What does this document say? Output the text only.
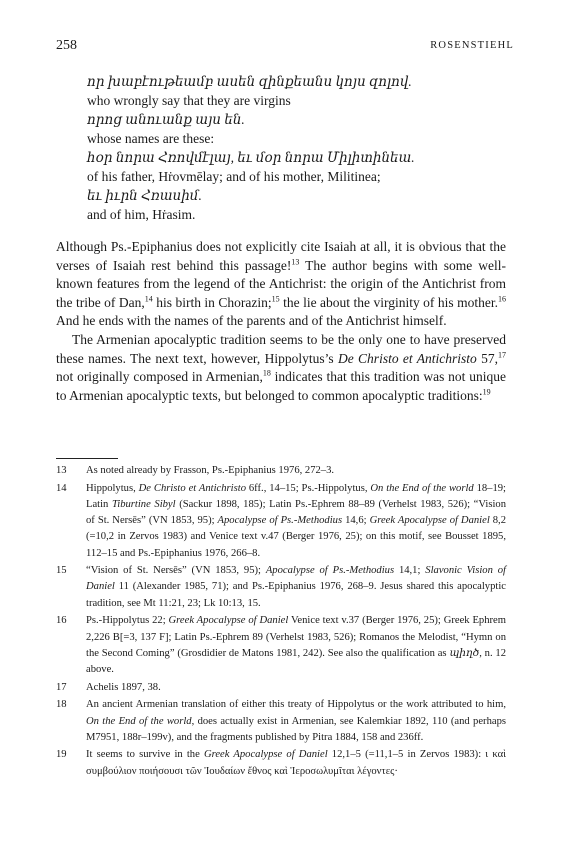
258	ROSENSTIEHL
որ խաբէութեամբ ասեն զինքեանս կոյս զոլով.
who wrongly say that they are virgins
որոց անուանք այս են.
whose names are these:
հօր նորա Հռովմէլայ, եւ մօր նորա Միլիտինեա.
of his father, Hṙovmēlay; and of his mother, Militinea;
եւ իւրն Հռասիմ.
and of him, Hṙasim.

Although Ps.-Epiphanius does not explicitly cite Isaiah at all, it is obvious that the verses of Isaiah rest behind this passage!$^{13}$ The author begins with some well-known features from the legend of the Antichrist: the origin of the Antichrist from the tribe of Dan,$^{14}$ his birth in Chorazin;$^{15}$ the lie about the virginity of his mother.$^{16}$ And he ends with the names of the parents and of the Antichrist himself.

The Armenian apocalyptic tradition seems to be the only one to have preserved these names. The next text, however, Hippolytus’s De Christo et Antichristo 57,17 not originally composed in Armenian,$^{18}$ indicates that this tradition was not unique to Armenian apocalyptic texts, but belonged to common apocalyptic traditions:$^{19}$

13	As noted already by Frasson, Ps.-Epiphanius 1976, 272–3.
14	Hippolytus, De Christo et Antichristo 6ff., 14–15; Ps.-Hippolytus, On the End of the world 18–19; Latin Tiburtine Sibyl (Sackur 1898, 185); Latin Ps.-Ephrem 88–89 (Verhelst 1983, 526); “Vision of St. Nersēs” (VN 1853, 95); Apocalypse of Ps.-Methodius 14,6; Greek Apocalypse of Daniel 8,2 (=10,2 in Zervos 1983) and Venice text v.47 (Berger 1976, 25); on this motif, see Bousset 1895, 112–15 and Ps.-Epiphanius 1976, 266–8.
15	“Vision of St. Nersēs” (VN 1853, 95); Apocalypse of Ps.-Methodius 14,1; Slavonic Vision of Daniel 11 (Alexander 1985, 71); and Ps.-Epiphanius 1976, 268–9. Jesus shared this apocalyptic tradition, see Mt 11:21, 23; Lk 10:13, 15.
16	Ps.-Hippolytus 22; Greek Apocalypse of Daniel Venice text v.37 (Berger 1976, 25); Greek Ephrem 2,226 B[=3, 137 F]; Latin Ps.-Ephrem 89 (Verhelst 1983, 526); Romanos the Melodist, “Hymn on the Second Coming” (Grosdidier de Matons 1981, 242). See also the qualification as պիղծ, n. 12 above.
17	Achelis 1897, 38.
18	An ancient Armenian translation of either this treaty of Hippolytus or the work attributed to him, On the End of the world, does actually exist in Armenian, see Kalemkiar 1892, 110 (and perhaps M7951, 188r–199v), and the fragments published by Pitra 1884, 158 and 236ff.
19	It seems to survive in the Greek Apocalypse of Daniel 12,1–5 (=11,1–5 in Zervos 1983): ι καὶ συμβούλιον ποιήσουσι τῶν Ἰουδαίων ἔθνος καὶ Ἱεροσωλυμῖται λέγοντες·
